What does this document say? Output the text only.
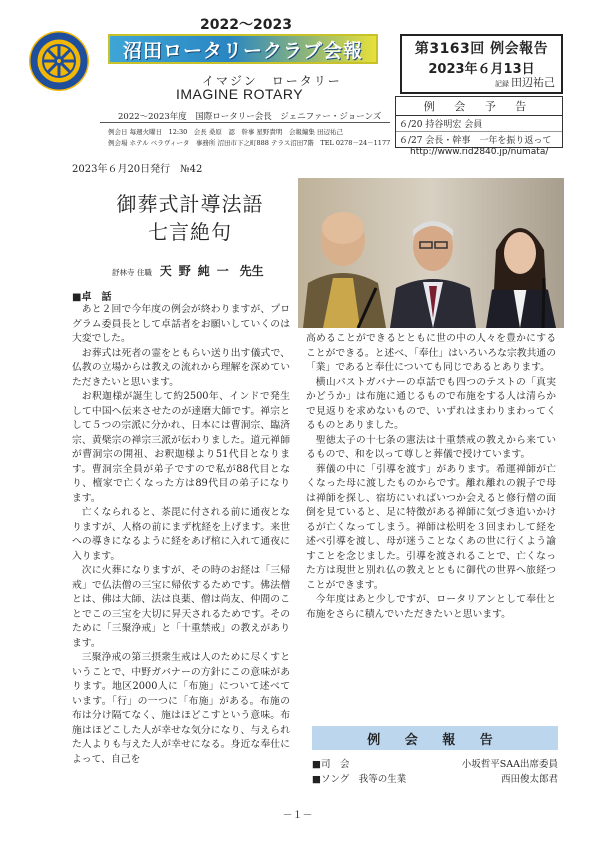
2022～2023
沼田ロータリークラブ会報
イマジン　ロータリー
IMAGINE ROTARY
2022～2023年度　国際ロータリー会長　ジェニファー・ジョーンズ
例会日 毎週火曜日　12:30　会長 桑原　認　幹事 星野貴明　会報編集 田辺祐己
例会場 ホテル ベラヴィータ　事務所 沼田市下之町888 テラス沼田7階　TEL 0278－24－1177
第3163回 例会報告
2023年６月13日
記録 田辺祐己
例 会 予 告
６/20 持谷明宏 会員
６/27 会長・幹事　一年を振り返って
http://www.rid2840.jp/numata/
2023年６月20日発行　№42
御葬式計導法語
七言絶句
舒林寺 住職 天野純一 先生

■卓　話

あと２回で今年度の例会が終わりますが、プログラム委員長として卓話者をお願いしていくのは大変でした。

お葬式は死者の霊をともらい送り出す儀式で、仏教の立場からは教えの流れから理解を深めていただきたいと思います。

お釈迦様が誕生して約2500年、インドで発生して中国へ伝来させたのが達磨大師です。禅宗として５つの宗派に分かれ、日本には曹洞宗、臨済宗、黄檗宗の禅宗三派が伝わりました。道元禅師が曹洞宗の開祖、お釈迦様より51代目となります。曹洞宗全員が弟子ですので私が88代目となり、檀家で亡くなった方は89代目の弟子になります。

亡くなられると、茶毘に付される前に通夜となりますが、人格の前にまず枕経を上げます。来世への導きになるように経をあげ棺に入れて通夜に入ります。

次に火葬になりますが、その時のお経は「三帰戒」で仏法僧の三宝に帰依するためです。佛法僧とは、佛は大師、法は良薬、僧は尚友、仲間のことでこの三宝を大切に昇天されるためです。そのために「三聚浄戒」と「十重禁戒」の教えがあります。

三聚浄戒の第三摂衆生戒は人のために尽くすということで、中野ガバナーの方針にこの意味があります。地区2000人に「布施」について述べています。「行」の一つに「布施」がある。布施の布は分け隔てなく、施はほどこすという意味。布施はほどこした人が幸せな気分になり、与えられた人よりも与えた人が幸せになる。身近な奉仕によって、自己を

高めることができるとともに世の中の人々を豊かにすることができる。と述べ、「奉仕」はいろいろな宗教共通の「業」であると奉仕についても同じであるとあります。

横山パストガバナーの卓話でも四つのテストの「真実かどうか」は布施に通じるもので布施をする人は清らかで見返りを求めないもので、いずれはまわりまわってくるものとありました。

聖徳太子の十七条の憲法は十重禁戒の教えから来ているもので、和を以って尊しと葬儀で授けています。

葬儀の中に「引導を渡す」があります。希運禅師が亡くなった母に渡したものからです。離れ離れの親子で母は禅師を探し、宿坊にいればいつか会えると修行僧の面倒を見ていると、足に特徴がある禅師に気づき追いかけるが亡くなってしまう。禅師は松明を３回まわして経を述べ引導を渡し、母が迷うことなくあの世に行くよう諭すことを念じました。引導を渡されることで、亡くなった方は現世と別れ仏の教えとともに御代の世界へ旅経つことができます。

今年度はあと少しですが、ロータリアンとして奉仕と布施をさらに積んでいただきたいと思います。

例 会 報 告
■司　会	小坂哲平SAA出席委員
■ソング　我等の生業	西田俊太郎君
－１－
